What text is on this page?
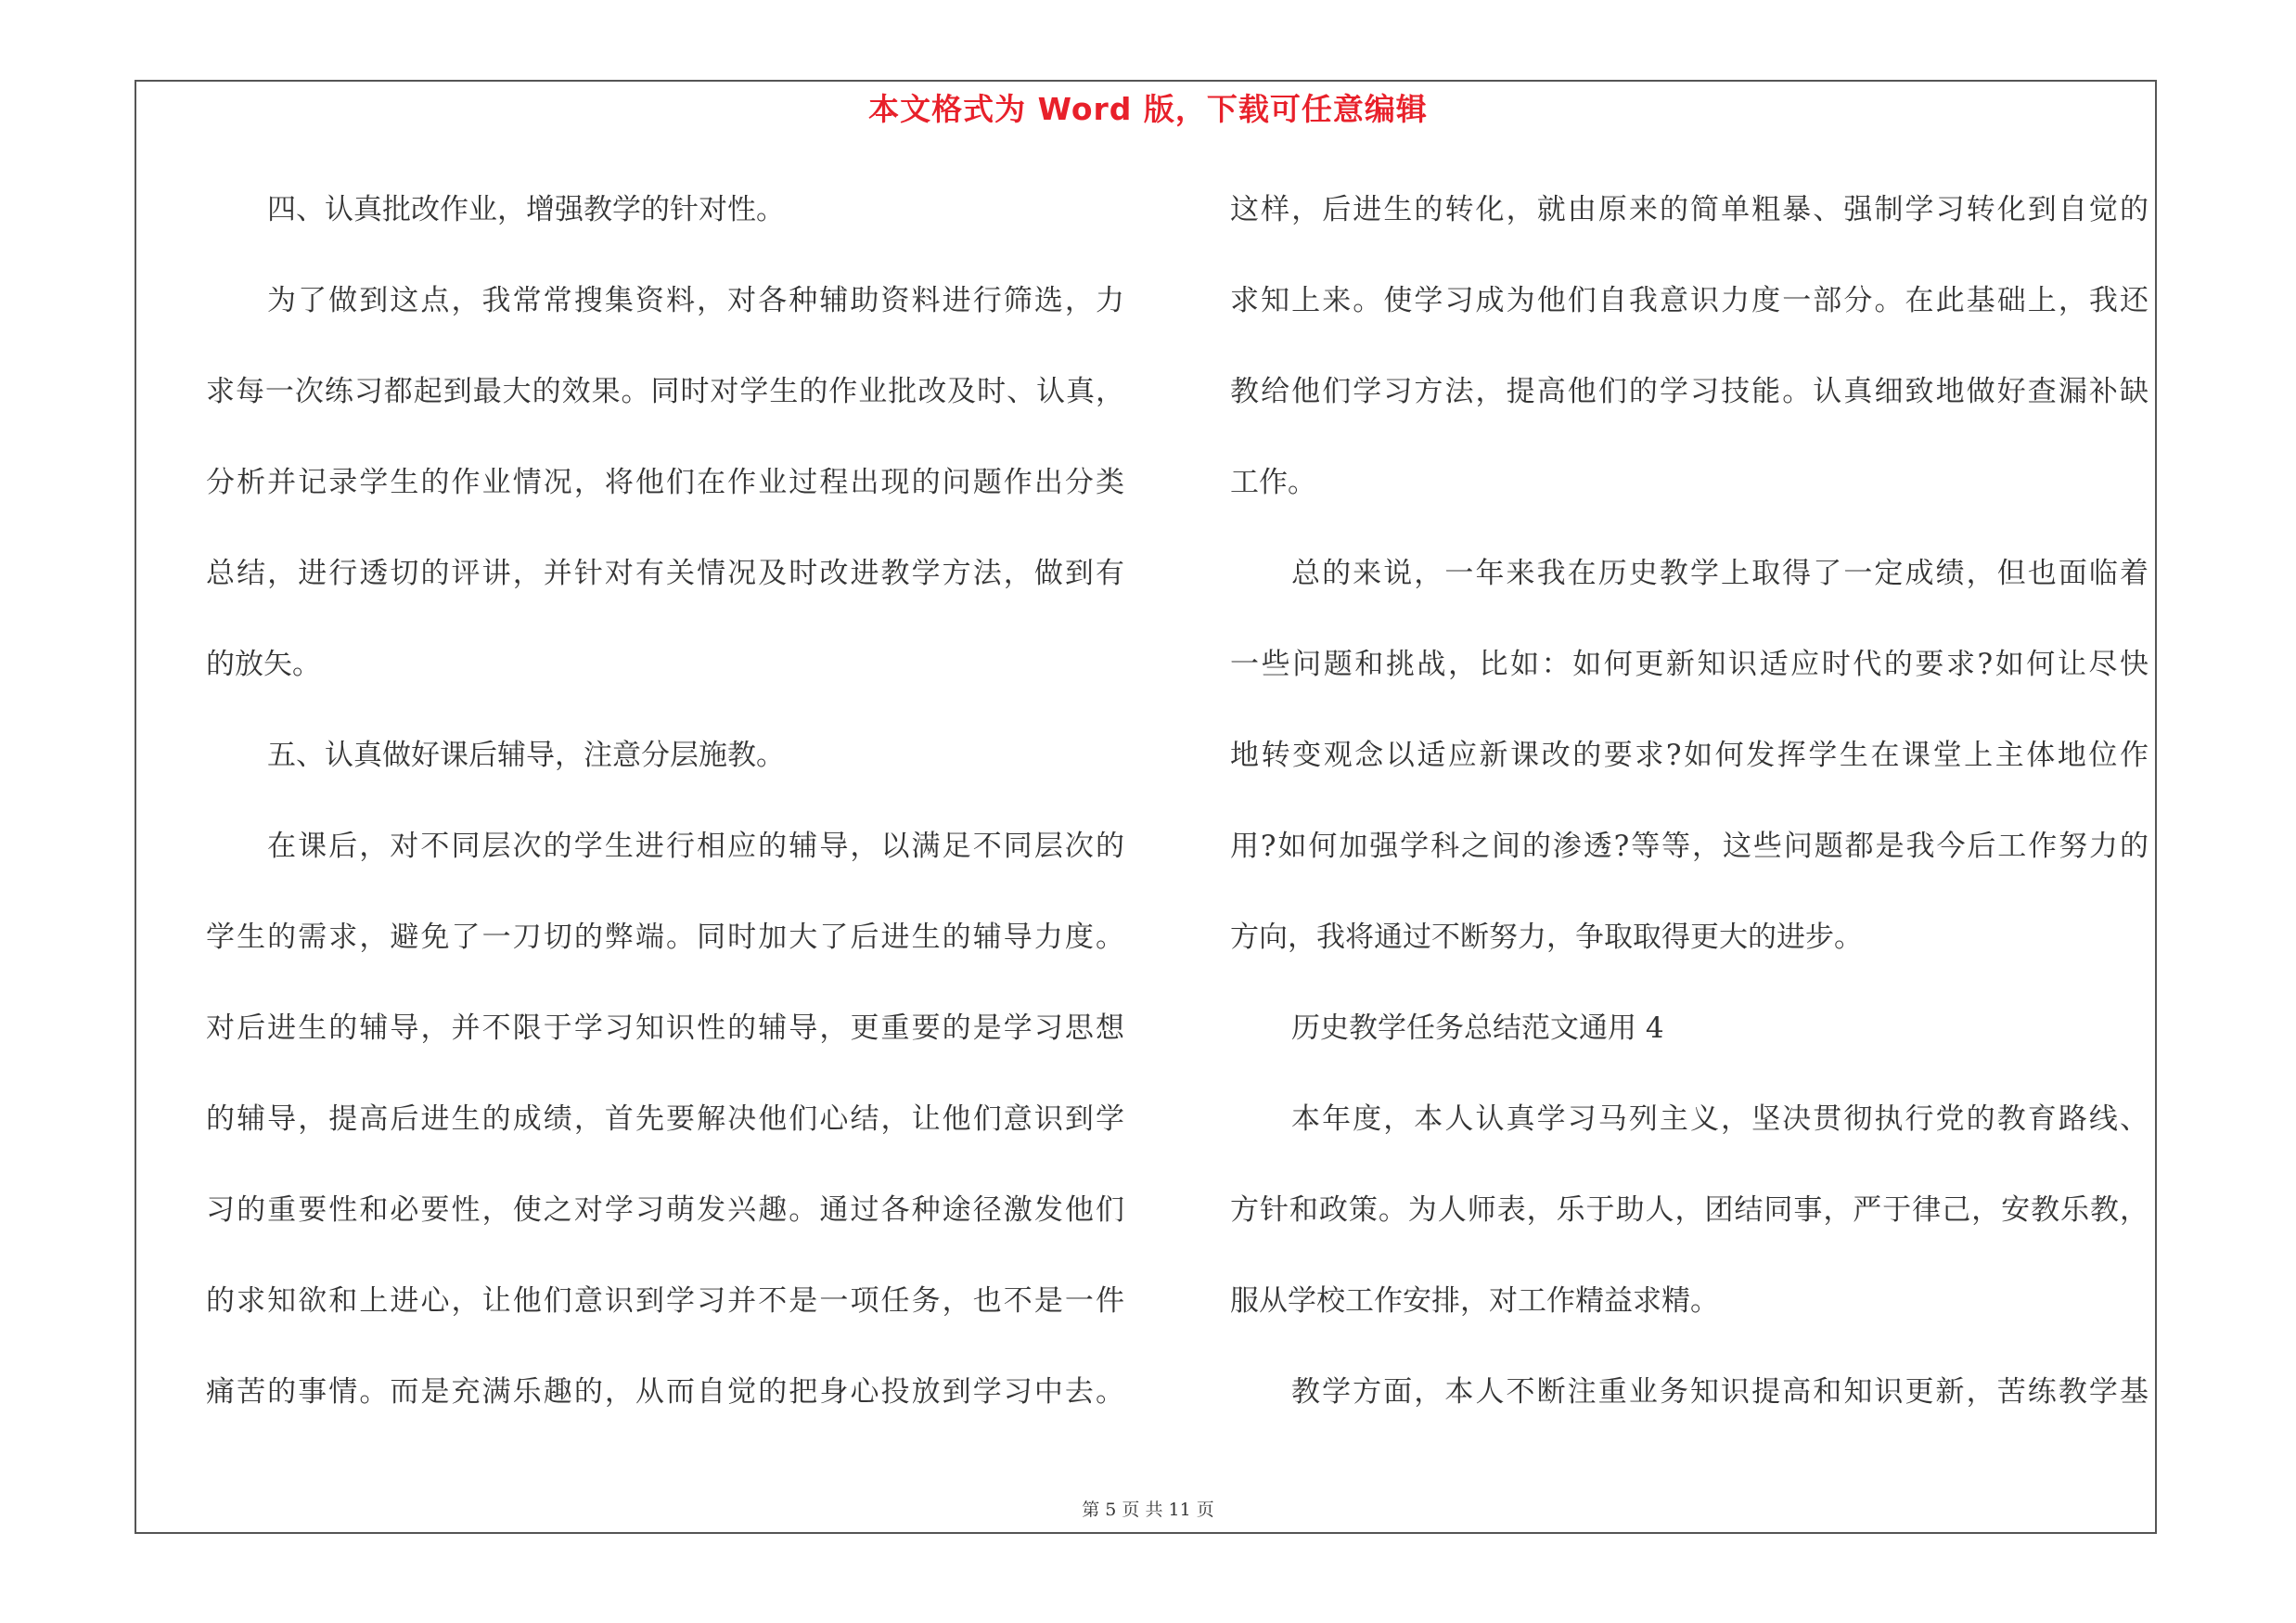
本文格式为 Word 版，下载可任意编辑
四、认真批改作业，增强教学的针对性。
为了做到这点，我常常搜集资料，对各种辅助资料进行筛选，力
求每一次练习都起到最大的效果。同时对学生的作业批改及时、认真，
分析并记录学生的作业情况，将他们在作业过程出现的问题作出分类
总结，进行透切的评讲，并针对有关情况及时改进教学方法，做到有
的放矢。
五、认真做好课后辅导，注意分层施教。
在课后，对不同层次的学生进行相应的辅导，以满足不同层次的
学生的需求，避免了一刀切的弊端。同时加大了后进生的辅导力度。
对后进生的辅导，并不限于学习知识性的辅导，更重要的是学习思想
的辅导，提高后进生的成绩，首先要解决他们心结，让他们意识到学
习的重要性和必要性，使之对学习萌发兴趣。通过各种途径激发他们
的求知欲和上进心，让他们意识到学习并不是一项任务，也不是一件
痛苦的事情。而是充满乐趣的，从而自觉的把身心投放到学习中去。
这样，后进生的转化，就由原来的简单粗暴、强制学习转化到自觉的
求知上来。使学习成为他们自我意识力度一部分。在此基础上，我还
教给他们学习方法，提高他们的学习技能。认真细致地做好查漏补缺
工作。
总的来说，一年来我在历史教学上取得了一定成绩，但也面临着
一些问题和挑战，比如：如何更新知识适应时代的要求?如何让尽快
地转变观念以适应新课改的要求?如何发挥学生在课堂上主体地位作
用?如何加强学科之间的渗透?等等，这些问题都是我今后工作努力的
方向，我将通过不断努力，争取取得更大的进步。
历史教学任务总结范文通用 4
本年度，本人认真学习马列主义，坚决贯彻执行党的教育路线、
方针和政策。为人师表，乐于助人，团结同事，严于律己，安教乐教，
服从学校工作安排，对工作精益求精。
教学方面，本人不断注重业务知识提高和知识更新，苦练教学基
第 5 页 共 11 页
